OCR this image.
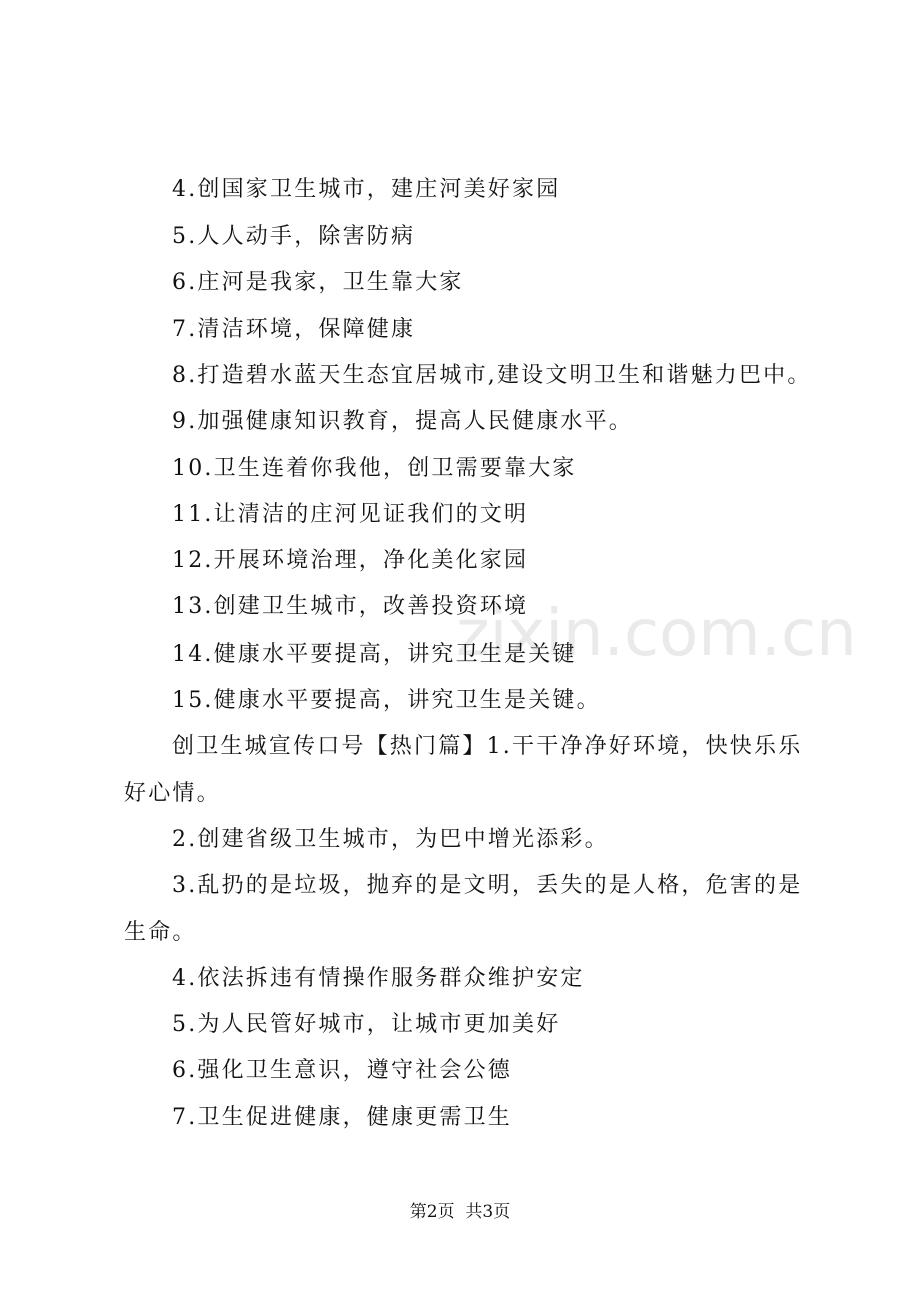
zixin.com.cn
4.创国家卫生城市，建庄河美好家园
5.人人动手，除害防病
6.庄河是我家，卫生靠大家
7.清洁环境，保障健康
8.打造碧水蓝天生态宜居城市,建设文明卫生和谐魅力巴中。
9.加强健康知识教育，提高人民健康水平。
10.卫生连着你我他，创卫需要靠大家
11.让清洁的庄河见证我们的文明
12.开展环境治理，净化美化家园
13.创建卫生城市，改善投资环境
14.健康水平要提高，讲究卫生是关键
15.健康水平要提高，讲究卫生是关键。
创卫生城宣传口号【热门篇】1.干干净净好环境，快快乐乐
好心情。
2.创建省级卫生城市，为巴中增光添彩。
3.乱扔的是垃圾，抛弃的是文明，丢失的是人格，危害的是
生命。
4.依法拆违有情操作服务群众维护安定
5.为人民管好城市，让城市更加美好
6.强化卫生意识，遵守社会公德
7.卫生促进健康，健康更需卫生
第2页  共3页
